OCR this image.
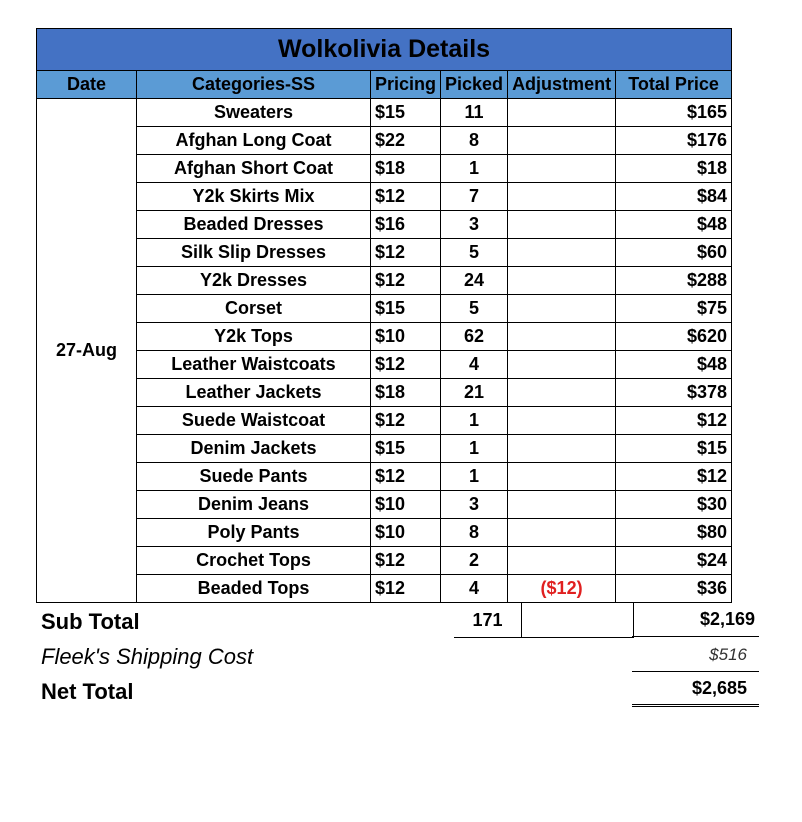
Wolkolivia Details					
Date	Categories-SS	Pricing	Picked	Adjustment	Total Price
27-Aug	Sweaters	$15	11		$165
	Afghan Long Coat	$22	8		$176
	Afghan Short Coat	$18	1		$18
	Y2k Skirts Mix	$12	7		$84
	Beaded Dresses	$16	3		$48
	Silk Slip Dresses	$12	5		$60
	Y2k Dresses	$12	24		$288
	Corset	$15	5		$75
	Y2k Tops	$10	62		$620
	Leather Waistcoats	$12	4		$48
	Leather Jackets	$18	21		$378
	Suede Waistcoat	$12	1		$12
	Denim Jackets	$15	1		$15
	Suede Pants	$12	1		$12
	Denim Jeans	$10	3		$30
	Poly Pants	$10	8		$80
	Crochet Tops	$12	2		$24
	Beaded Tops	$12	4	($12)	$36
Sub Total	171	$2,169
Fleek's Shipping Cost	$516
Net Total	$2,685
